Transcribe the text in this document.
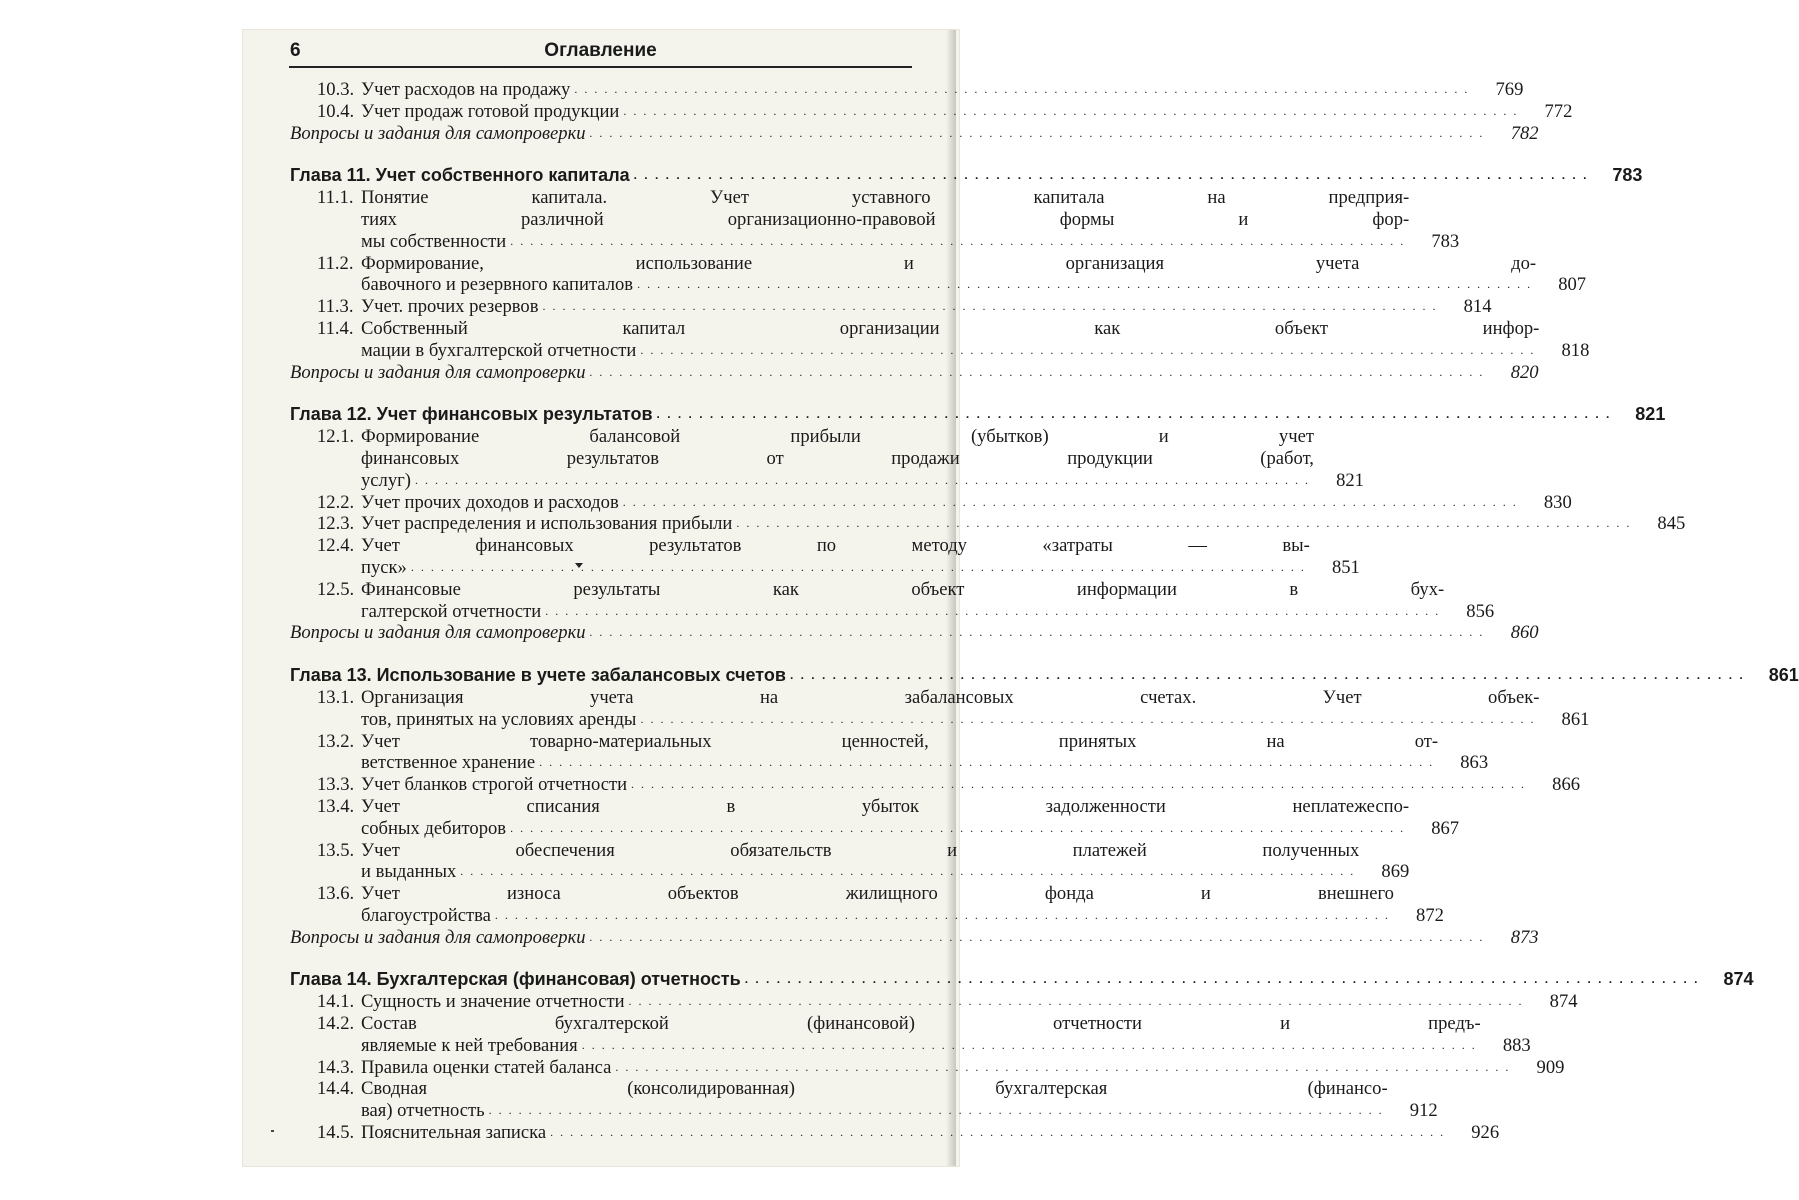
6	Оглавление
10.3. Учет расходов на продажу . . . . . . . . . . . . . . . . . . . . . . . . . . . . . . . . . . . . . . . . . . . . . . . . . . . . . . . . . . . . . . . . . . . . . . . . . . . . . . . . . . . . . . . . . .	769
10.4. Учет продаж готовой продукции . . . . . . . . . . . . . . . . . . . . . . . . . . . . . . . . . . . . . . . . . . . . . . . . . . . . . . . . . . . . . . . . . . . . . . . . . . . . . . . . . . . . . . . . . .	772
Вопросы и задания для самопроверки . . . . . . . . . . . . . . . . . . . . . . . . . . . . . . . . . . . . . . . . . . . . . . . . . . . . . . . . . . . . . . . . . . . . . . . . . . . . . . . . . . . . . . . . . .	782
Глава 11. Учет собственного капитала . . . . . . . . . . . . . . . . . . . . . . . . . . . . . . . . . . . . . . . . . . . . . . . . . . . . . . . . . . . . . . . . . . . . . . . . . . . . . . . . . . . . . . . . . .	783
11.1. Понятие капитала. Учет уставного капитала на предприя-
тиях различной организационно-правовой формы и фор-
мы собственности . . . . . . . . . . . . . . . . . . . . . . . . . . . . . . . . . . . . . . . . . . . . . . . . . . . . . . . . . . . . . . . . . . . . . . . . . . . . . . . . . . . . . . . . . .	783
11.2. Формирование, использование и организация учета до-
бавочного и резервного капиталов . . . . . . . . . . . . . . . . . . . . . . . . . . . . . . . . . . . . . . . . . . . . . . . . . . . . . . . . . . . . . . . . . . . . . . . . . . . . . . . . . . . . . . . . . .	807
11.3. Учет. прочих резервов . . . . . . . . . . . . . . . . . . . . . . . . . . . . . . . . . . . . . . . . . . . . . . . . . . . . . . . . . . . . . . . . . . . . . . . . . . . . . . . . . . . . . . . . . .	814
11.4. Собственный капитал организации как объект инфор-
мации в бухгалтерской отчетности . . . . . . . . . . . . . . . . . . . . . . . . . . . . . . . . . . . . . . . . . . . . . . . . . . . . . . . . . . . . . . . . . . . . . . . . . . . . . . . . . . . . . . . . . .	818
Вопросы и задания для самопроверки . . . . . . . . . . . . . . . . . . . . . . . . . . . . . . . . . . . . . . . . . . . . . . . . . . . . . . . . . . . . . . . . . . . . . . . . . . . . . . . . . . . . . . . . . .	820
Глава 12. Учет финансовых результатов . . . . . . . . . . . . . . . . . . . . . . . . . . . . . . . . . . . . . . . . . . . . . . . . . . . . . . . . . . . . . . . . . . . . . . . . . . . . . . . . . . . . . . . . . .	821
12.1. Формирование балансовой прибыли (убытков) и учет
финансовых результатов от продажи продукции (работ,
услуг) . . . . . . . . . . . . . . . . . . . . . . . . . . . . . . . . . . . . . . . . . . . . . . . . . . . . . . . . . . . . . . . . . . . . . . . . . . . . . . . . . . . . . . . . . .	821
12.2. Учет прочих доходов и расходов . . . . . . . . . . . . . . . . . . . . . . . . . . . . . . . . . . . . . . . . . . . . . . . . . . . . . . . . . . . . . . . . . . . . . . . . . . . . . . . . . . . . . . . . . .	830
12.3. Учет распределения и использования прибыли . . . . . . . . . . . . . . . . . . . . . . . . . . . . . . . . . . . . . . . . . . . . . . . . . . . . . . . . . . . . . . . . . . . . . . . . . . . . . . . . . . . . . . . . . .	845
12.4. Учет финансовых результатов по методу «затраты — вы-
пуск» . . . . . . . . . . . . . . . . . . . . . . . . . . . . . . . . . . . . . . . . . . . . . . . . . . . . . . . . . . . . . . . . . . . . . . . . . . . . . . . . . . . . . . . . . .	851
12.5. Финансовые результаты как объект информации в бух-
галтерской отчетности . . . . . . . . . . . . . . . . . . . . . . . . . . . . . . . . . . . . . . . . . . . . . . . . . . . . . . . . . . . . . . . . . . . . . . . . . . . . . . . . . . . . . . . . . .	856
Вопросы и задания для самопроверки . . . . . . . . . . . . . . . . . . . . . . . . . . . . . . . . . . . . . . . . . . . . . . . . . . . . . . . . . . . . . . . . . . . . . . . . . . . . . . . . . . . . . . . . . .	860
Глава 13. Использование в учете забалансовых счетов . . . . . . . . . . . . . . . . . . . . . . . . . . . . . . . . . . . . . . . . . . . . . . . . . . . . . . . . . . . . . . . . . . . . . . . . . . . . . . . . . . . . . . . . . .	861
13.1. Организация учета на забалансовых счетах. Учет объек-
тов, принятых на условиях аренды . . . . . . . . . . . . . . . . . . . . . . . . . . . . . . . . . . . . . . . . . . . . . . . . . . . . . . . . . . . . . . . . . . . . . . . . . . . . . . . . . . . . . . . . . .	861
13.2. Учет товарно-материальных ценностей, принятых на от-
ветственное хранение . . . . . . . . . . . . . . . . . . . . . . . . . . . . . . . . . . . . . . . . . . . . . . . . . . . . . . . . . . . . . . . . . . . . . . . . . . . . . . . . . . . . . . . . . .	863
13.3. Учет бланков строгой отчетности . . . . . . . . . . . . . . . . . . . . . . . . . . . . . . . . . . . . . . . . . . . . . . . . . . . . . . . . . . . . . . . . . . . . . . . . . . . . . . . . . . . . . . . . . .	866
13.4. Учет списания в убыток задолженности неплатежеспо-
собных дебиторов . . . . . . . . . . . . . . . . . . . . . . . . . . . . . . . . . . . . . . . . . . . . . . . . . . . . . . . . . . . . . . . . . . . . . . . . . . . . . . . . . . . . . . . . . .	867
13.5. Учет обеспечения обязательств и платежей полученных
и выданных . . . . . . . . . . . . . . . . . . . . . . . . . . . . . . . . . . . . . . . . . . . . . . . . . . . . . . . . . . . . . . . . . . . . . . . . . . . . . . . . . . . . . . . . . .	869
13.6. Учет износа объектов жилищного фонда и внешнего
благоустройства . . . . . . . . . . . . . . . . . . . . . . . . . . . . . . . . . . . . . . . . . . . . . . . . . . . . . . . . . . . . . . . . . . . . . . . . . . . . . . . . . . . . . . . . . .	872
Вопросы и задания для самопроверки . . . . . . . . . . . . . . . . . . . . . . . . . . . . . . . . . . . . . . . . . . . . . . . . . . . . . . . . . . . . . . . . . . . . . . . . . . . . . . . . . . . . . . . . . .	873
Глава 14. Бухгалтерская (финансовая) отчетность . . . . . . . . . . . . . . . . . . . . . . . . . . . . . . . . . . . . . . . . . . . . . . . . . . . . . . . . . . . . . . . . . . . . . . . . . . . . . . . . . . . . . . . . . .	874
14.1. Сущность и значение отчетности . . . . . . . . . . . . . . . . . . . . . . . . . . . . . . . . . . . . . . . . . . . . . . . . . . . . . . . . . . . . . . . . . . . . . . . . . . . . . . . . . . . . . . . . . .	874
14.2. Состав бухгалтерской (финансовой) отчетности и предъ-
являемые к ней требования . . . . . . . . . . . . . . . . . . . . . . . . . . . . . . . . . . . . . . . . . . . . . . . . . . . . . . . . . . . . . . . . . . . . . . . . . . . . . . . . . . . . . . . . . .	883
14.3. Правила оценки статей баланса . . . . . . . . . . . . . . . . . . . . . . . . . . . . . . . . . . . . . . . . . . . . . . . . . . . . . . . . . . . . . . . . . . . . . . . . . . . . . . . . . . . . . . . . . .	909
14.4. Сводная (консолидированная) бухгалтерская (финансо-
вая) отчетность . . . . . . . . . . . . . . . . . . . . . . . . . . . . . . . . . . . . . . . . . . . . . . . . . . . . . . . . . . . . . . . . . . . . . . . . . . . . . . . . . . . . . . . . . .	912
14.5. Пояснительная записка . . . . . . . . . . . . . . . . . . . . . . . . . . . . . . . . . . . . . . . . . . . . . . . . . . . . . . . . . . . . . . . . . . . . . . . . . . . . . . . . . . . . . . . . . .	926
